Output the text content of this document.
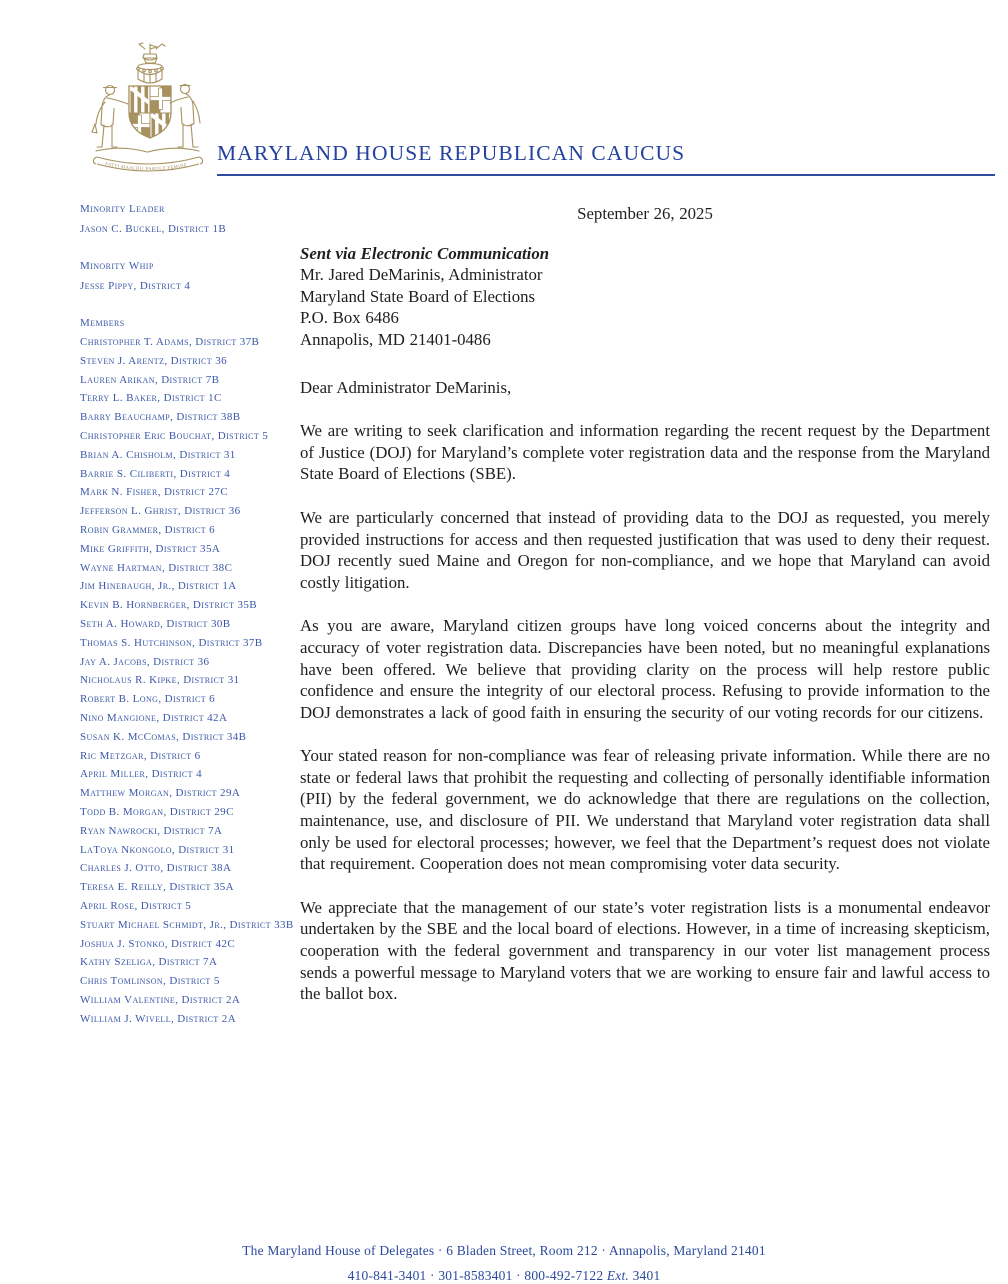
FATTI MASCHII PAROLE FEMINE MARYLAND HOUSE REPUBLICAN CAUCUS
Minority Leader
Jason C. Buckel, District 1B
Minority Whip
Jesse Pippy, District 4
Members
Christopher T. Adams, District 37B
Steven J. Arentz, District 36
Lauren Arikan, District 7B
Terry L. Baker, District 1C
Barry Beauchamp, District 38B
Christopher Eric Bouchat, District 5
Brian A. Chisholm, District 31
Barrie S. Ciliberti, District 4
Mark N. Fisher, District 27C
Jefferson L. Ghrist, District 36
Robin Grammer, District 6
Mike Griffith, District 35A
Wayne Hartman, District 38C
Jim Hinebaugh, Jr., District 1A
Kevin B. Hornberger, District 35B
Seth A. Howard, District 30B
Thomas S. Hutchinson, District 37B
Jay A. Jacobs, District 36
Nicholaus R. Kipke, District 31
Robert B. Long, District 6
Nino Mangione, District 42A
Susan K. McComas, District 34B
Ric Metzgar, District 6
April Miller, District 4
Matthew Morgan, District 29A
Todd B. Morgan, District 29C
Ryan Nawrocki, District 7A
LaToya Nkongolo, District 31
Charles J. Otto, District 38A
Teresa E. Reilly, District 35A
April Rose, District 5
Stuart Michael Schmidt, Jr., District 33B
Joshua J. Stonko, District 42C
Kathy Szeliga, District 7A
Chris Tomlinson, District 5
William Valentine, District 2A
William J. Wivell, District 2A
September 26, 2025
Sent via Electronic Communication
Mr. Jared DeMarinis, Administrator
Maryland State Board of Elections
P.O. Box 6486
Annapolis, MD 21401-0486
Dear Administrator DeMarinis,
We are writing to seek clarification and information regarding the recent request by the Department of Justice (DOJ) for Maryland’s complete voter registration data and the response from the Maryland State Board of Elections (SBE).
We are particularly concerned that instead of providing data to the DOJ as requested, you merely provided instructions for access and then requested justification that was used to deny their request. DOJ recently sued Maine and Oregon for non-compliance, and we hope that Maryland can avoid costly litigation.
As you are aware, Maryland citizen groups have long voiced concerns about the integrity and accuracy of voter registration data. Discrepancies have been noted, but no meaningful explanations have been offered. We believe that providing clarity on the process will help restore public confidence and ensure the integrity of our electoral process. Refusing to provide information to the DOJ demonstrates a lack of good faith in ensuring the security of our voting records for our citizens.
Your stated reason for non-compliance was fear of releasing private information. While there are no state or federal laws that prohibit the requesting and collecting of personally identifiable information (PII) by the federal government, we do acknowledge that there are regulations on the collection, maintenance, use, and disclosure of PII. We understand that Maryland voter registration data shall only be used for electoral processes; however, we feel that the Department’s request does not violate that requirement. Cooperation does not mean compromising voter data security.
We appreciate that the management of our state’s voter registration lists is a monumental endeavor undertaken by the SBE and the local board of elections. However, in a time of increasing skepticism, cooperation with the federal government and transparency in our voter list management process sends a powerful message to Maryland voters that we are working to ensure fair and lawful access to the ballot box.
The Maryland House of Delegates · 6 Bladen Street, Room 212 · Annapolis, Maryland 21401
410-841-3401 · 301-8583401 · 800-492-7122 Ext. 3401
